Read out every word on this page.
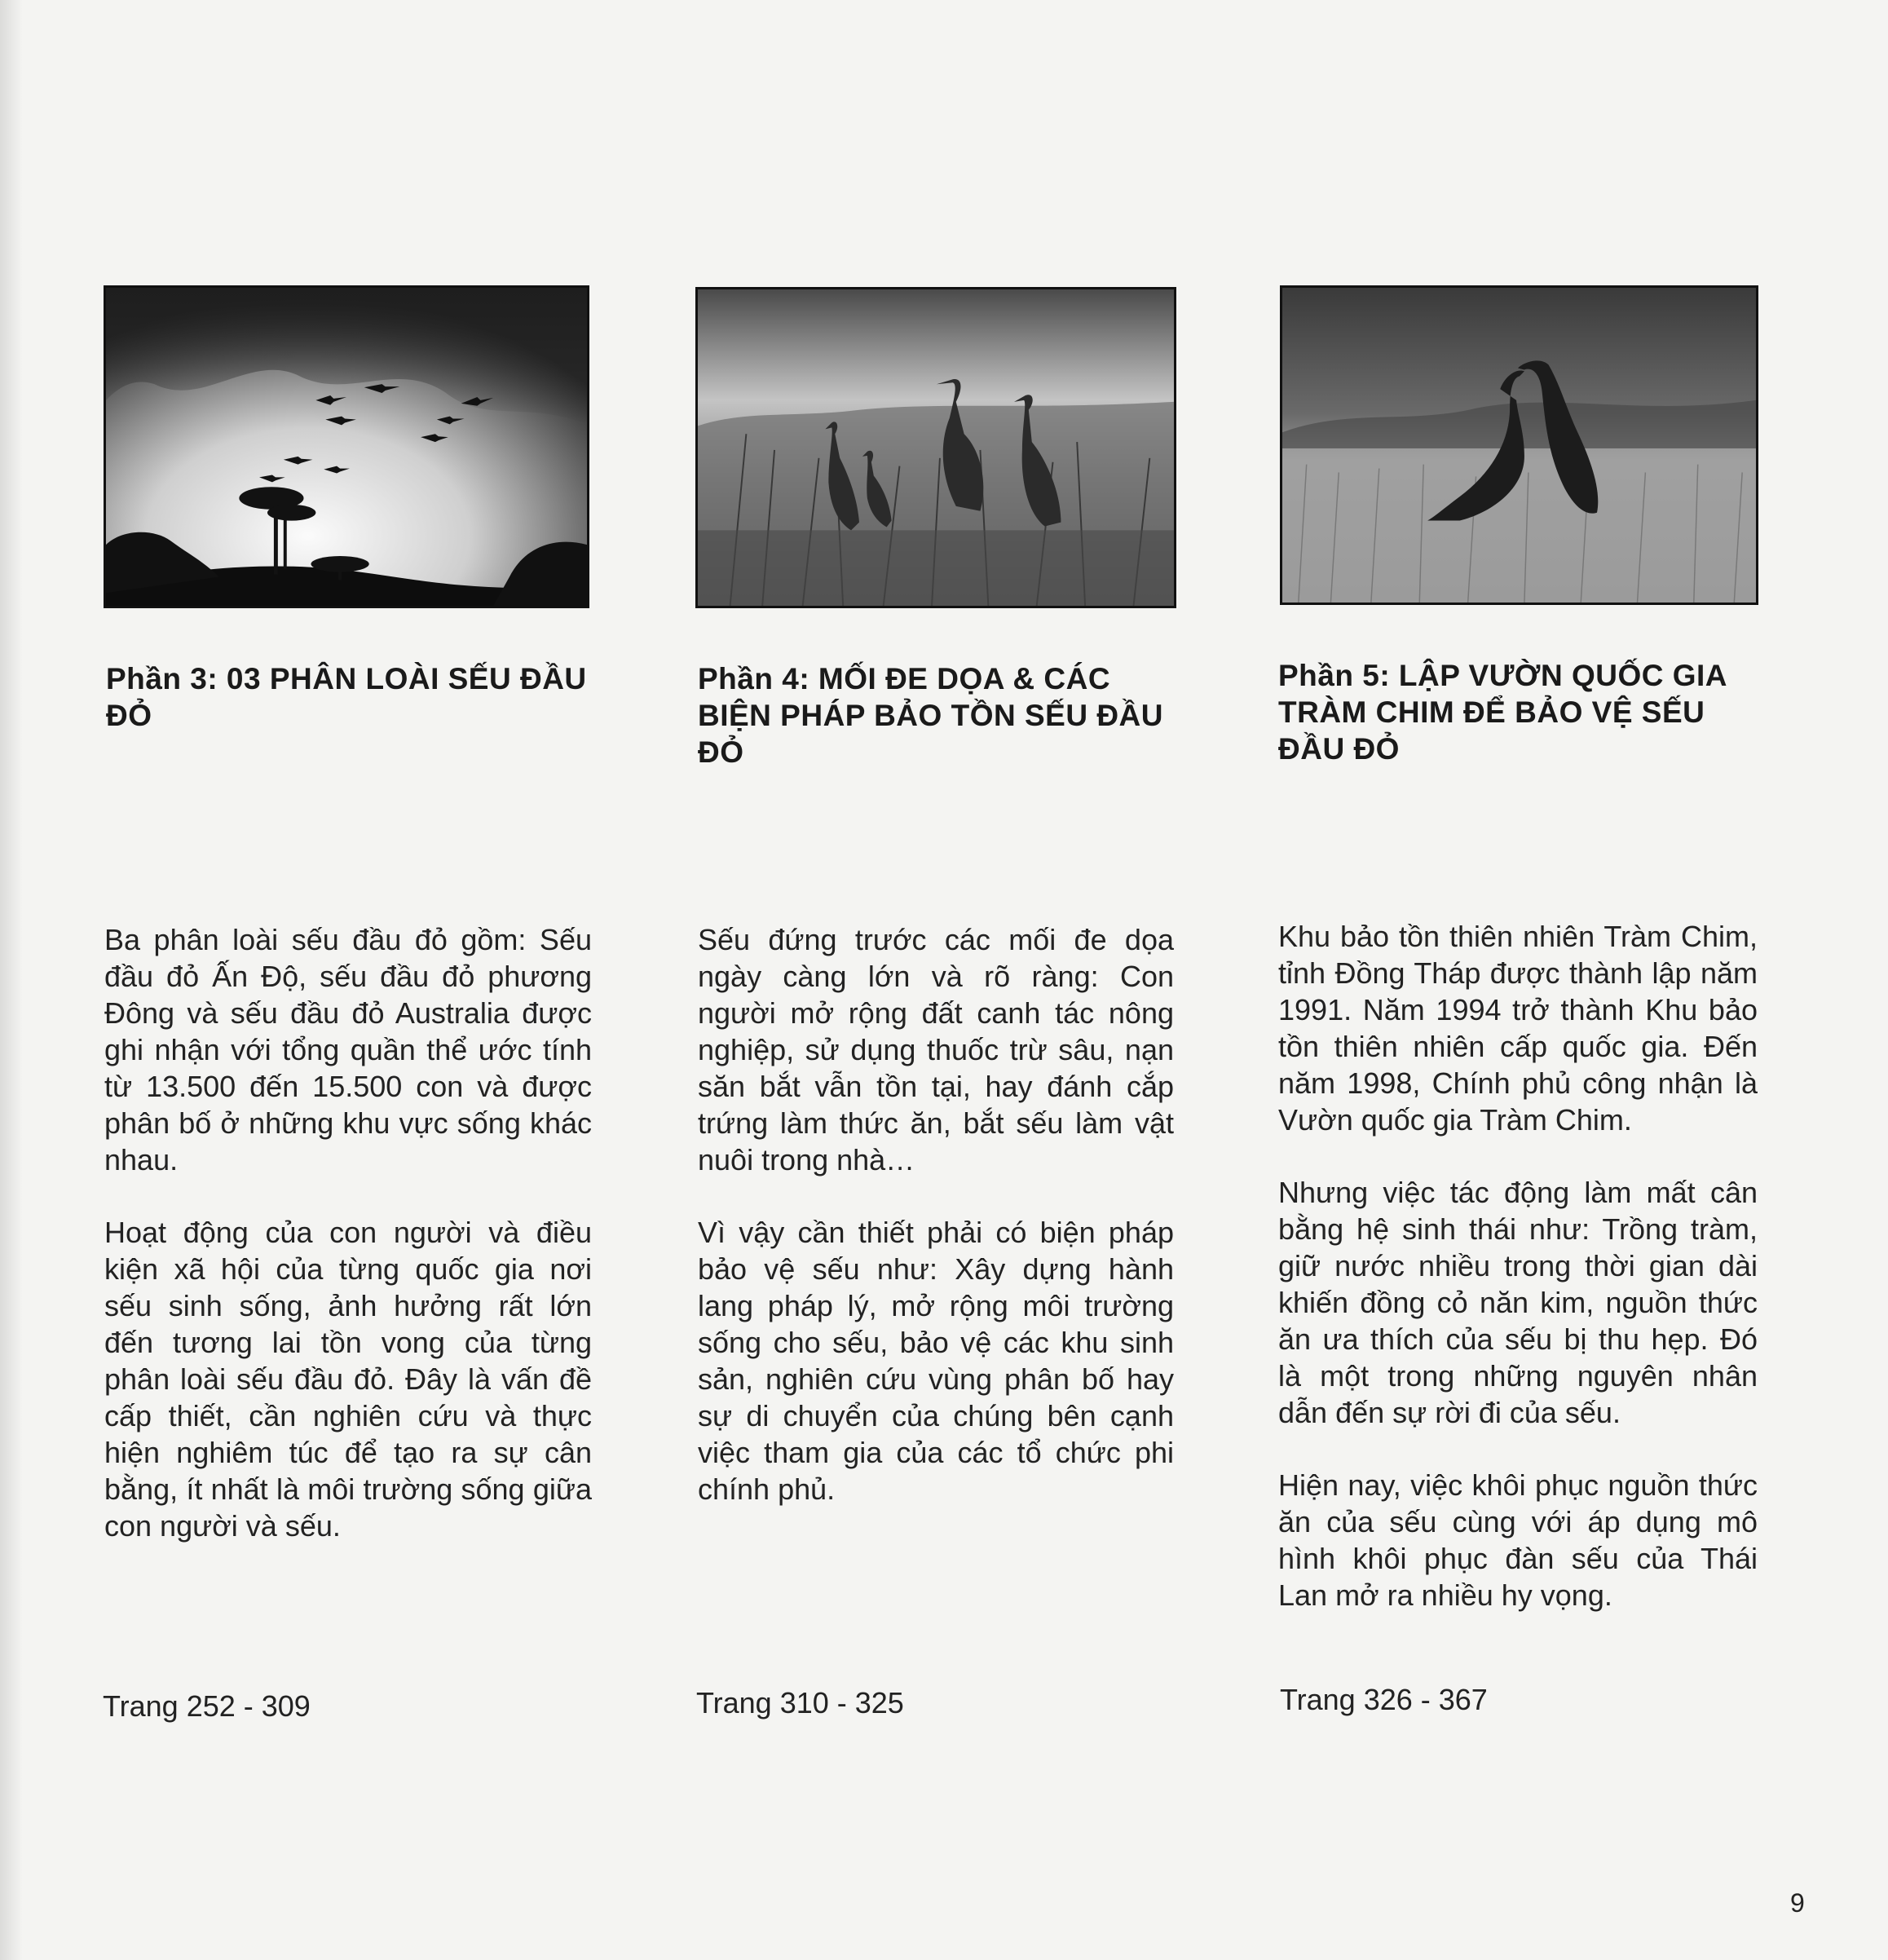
Phần 3: 03 PHÂN LOÀI SẾU ĐẦU ĐỎ
Phần 4: MỐI ĐE DỌA & CÁC BIỆN PHÁP BẢO TỒN SẾU ĐẦU ĐỎ
Phần 5: LẬP VƯỜN QUỐC GIA TRÀM CHIM ĐỂ BẢO VỆ SẾU ĐẦU ĐỎ

Ba phân loài sếu đầu đỏ gồm: Sếu đầu đỏ Ấn Độ, sếu đầu đỏ phương Đông và sếu đầu đỏ Australia được ghi nhận với tổng quần thể ước tính từ 13.500 đến 15.500 con và được phân bố ở những khu vực sống khác nhau.

Hoạt động của con người và điều kiện xã hội của từng quốc gia nơi sếu sinh sống, ảnh hưởng rất lớn đến tương lai tồn vong của từng phân loài sếu đầu đỏ. Đây là vấn đề cấp thiết, cần nghiên cứu và thực hiện nghiêm túc để tạo ra sự cân bằng, ít nhất là môi trường sống giữa con người và sếu.

Sếu đứng trước các mối đe dọa ngày càng lớn và rõ ràng: Con người mở rộng đất canh tác nông nghiệp, sử dụng thuốc trừ sâu, nạn săn bắt vẫn tồn tại, hay đánh cắp trứng làm thức ăn, bắt sếu làm vật nuôi trong nhà…

Vì vậy cần thiết phải có biện pháp bảo vệ sếu như: Xây dựng hành lang pháp lý, mở rộng môi trường sống cho sếu, bảo vệ các khu sinh sản, nghiên cứu vùng phân bố hay sự di chuyển của chúng bên cạnh việc tham gia của các tổ chức phi chính phủ.

Khu bảo tồn thiên nhiên Tràm Chim, tỉnh Đồng Tháp được thành lập năm 1991. Năm 1994 trở thành Khu bảo tồn thiên nhiên cấp quốc gia. Đến năm 1998, Chính phủ công nhận là Vườn quốc gia Tràm Chim.

Nhưng việc tác động làm mất cân bằng hệ sinh thái như: Trồng tràm, giữ nước nhiều trong thời gian dài khiến đồng cỏ năn kim, nguồn thức ăn ưa thích của sếu bị thu hẹp. Đó là một trong những nguyên nhân dẫn đến sự rời đi của sếu.

Hiện nay, việc khôi phục nguồn thức ăn của sếu cùng với áp dụng mô hình khôi phục đàn sếu của Thái Lan mở ra nhiều hy vọng.

Trang 252 - 309	Trang 310 - 325	Trang 326 - 367

9
